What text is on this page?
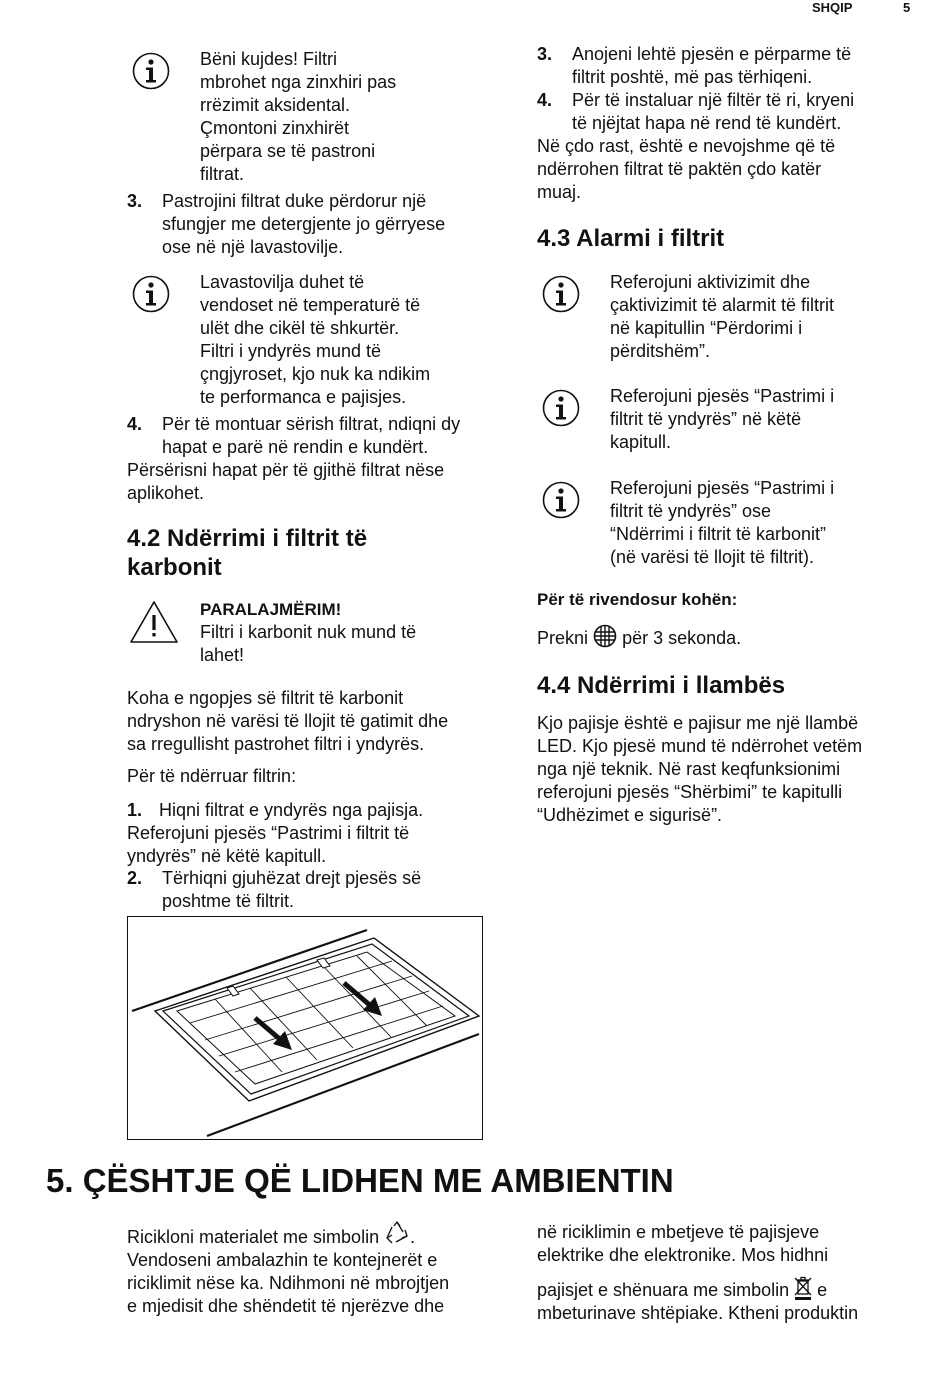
SHQIP	5
Bëni kujdes! Filtri
mbrohet nga zinxhiri pas
rrëzimit aksidental.
Çmontoni zinxhirët
përpara se të pastroni
filtrat.
3. Pastrojini filtrat duke përdorur një
sfungjer me detergjente jo gërryese
ose në një lavastovilje.
Lavastovilja duhet të
vendoset në temperaturë të
ulët dhe cikël të shkurtër.
Filtri i yndyrës mund të
çngjyroset, kjo nuk ka ndikim
te performanca e pajisjes.
4. Për të montuar sërish filtrat, ndiqni dy
hapat e parë në rendin e kundërt.
Përsërisni hapat për të gjithë filtrat nëse
aplikohet.
4.2 Ndërrimi i filtrit të
karbonit
PARALAJMËRIM!
Filtri i karbonit nuk mund të
lahet!
Koha e ngopjes së filtrit të karbonit
ndryshon në varësi të llojit të gatimit dhe
sa rregullisht pastrohet filtri i yndyrës.
Për të ndërruar filtrin:
1. Hiqni filtrat e yndyrës nga pajisja.
Referojuni pjesës “Pastrimi i filtrit të
yndyrës” në këtë kapitull.
2. Tërhiqni gjuhëzat drejt pjesës së
poshtme të filtrit.
3. Anojeni lehtë pjesën e përparme të
filtrit poshtë, më pas tërhiqeni.
4. Për të instaluar një filtër të ri, kryeni
të njëjtat hapa në rend të kundërt.
Në çdo rast, është e nevojshme që të
ndërrohen filtrat të paktën çdo katër
muaj.
4.3 Alarmi i filtrit
Referojuni aktivizimit dhe
çaktivizimit të alarmit të filtrit
në kapitullin “Përdorimi i
përditshëm”.
Referojuni pjesës “Pastrimi i
filtrit të yndyrës” në këtë
kapitull.
Referojuni pjesës “Pastrimi i
filtrit të yndyrës” ose
“Ndërrimi i filtrit të karbonit”
(në varësi të llojit të filtrit).
Për të rivendosur kohën:
Prekni për 3 sekonda.
4.4 Ndërrimi i llambës
Kjo pajisje është e pajisur me një llambë
LED. Kjo pjesë mund të ndërrohet vetëm
nga një teknik. Në rast keqfunksionimi
referojuni pjesës “Shërbimi” te kapitulli
“Udhëzimet e sigurisë”.
5. ÇËSHTJE QË LIDHEN ME AMBIENTIN
Ricikloni materialet me simbolin .
Vendoseni ambalazhin te kontejnerët e
riciklimit nëse ka. Ndihmoni në mbrojtjen
e mjedisit dhe shëndetit të njerëzve dhe
në riciklimin e mbetjeve të pajisjeve
elektrike dhe elektronike. Mos hidhni
pajisjet e shënuara me simbolin e
mbeturinave shtëpiake. Ktheni produktin
